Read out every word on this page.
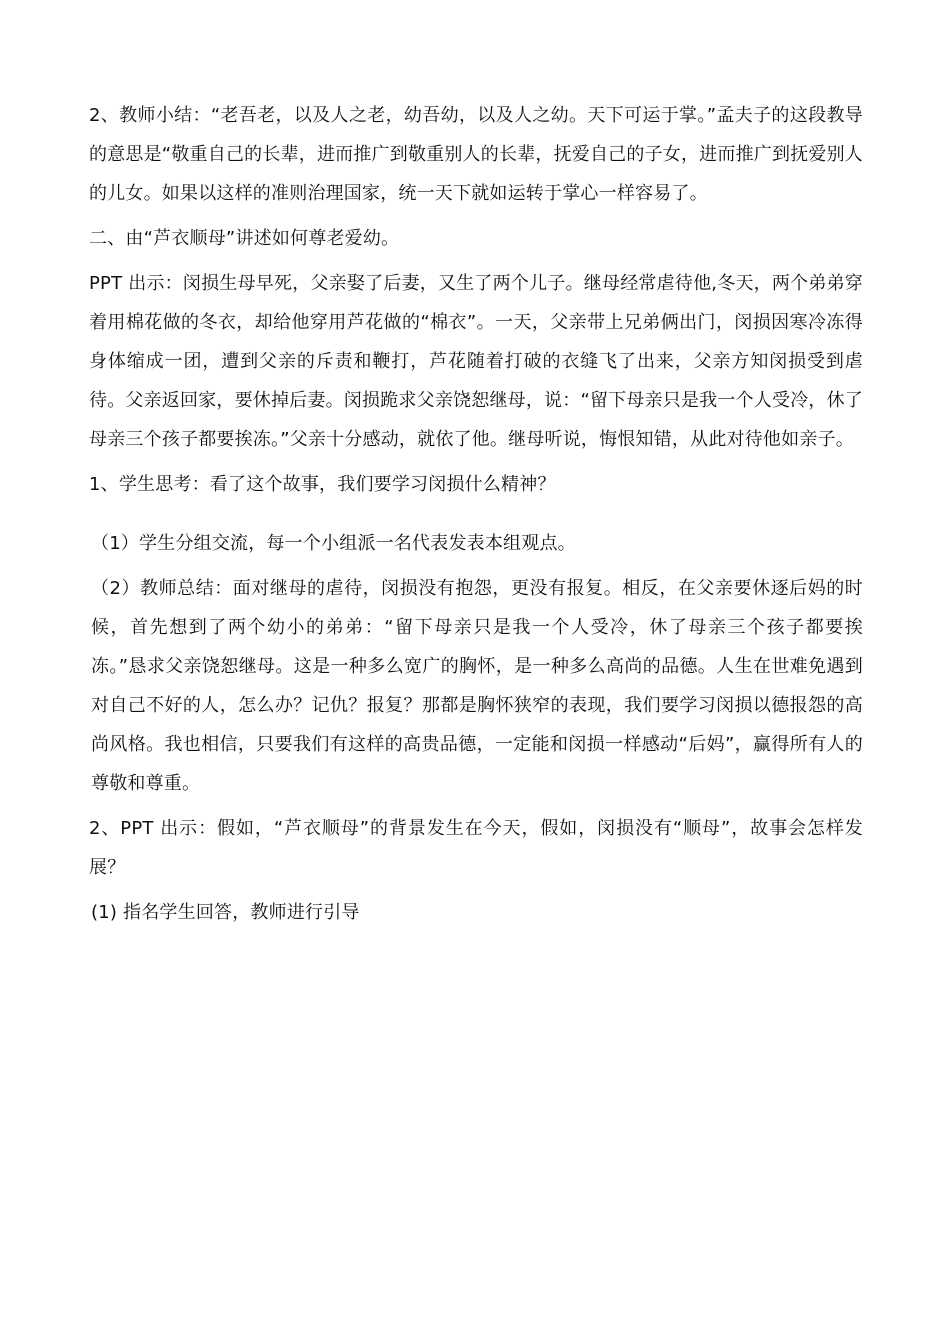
2、教师小结：“老吾老，以及人之老，幼吾幼，以及人之幼。天下可运于掌。”孟夫子的这段教导的意思是“敬重自己的长辈，进而推广到敬重别人的长辈，抚爱自己的子女，进而推广到抚爱别人的儿女。如果以这样的准则治理国家，统一天下就如运转于掌心一样容易了。

二、由“芦衣顺母”讲述如何尊老爱幼。

PPT 出示：闵损生母早死，父亲娶了后妻，又生了两个儿子。继母经常虐待他,冬天，两个弟弟穿着用棉花做的冬衣，却给他穿用芦花做的“棉衣”。一天，父亲带上兄弟俩出门，闵损因寒冷冻得身体缩成一团，遭到父亲的斥责和鞭打，芦花随着打破的衣缝飞了出来，父亲方知闵损受到虐待。父亲返回家，要休掉后妻。闵损跪求父亲饶恕继母，说：“留下母亲只是我一个人受冷，休了母亲三个孩子都要挨冻。”父亲十分感动，就依了他。继母听说，悔恨知错，从此对待他如亲子。

1、学生思考：看了这个故事，我们要学习闵损什么精神？

（1）学生分组交流，每一个小组派一名代表发表本组观点。

（2）教师总结：面对继母的虐待，闵损没有抱怨，更没有报复。相反，在父亲要休逐后妈的时候，首先想到了两个幼小的弟弟：“留下母亲只是我一个人受冷，休了母亲三个孩子都要挨冻。”恳求父亲饶恕继母。这是一种多么宽广的胸怀，是一种多么高尚的品德。人生在世难免遇到对自己不好的人，怎么办？记仇？报复？那都是胸怀狭窄的表现，我们要学习闵损以德报怨的高尚风格。我也相信，只要我们有这样的高贵品德，一定能和闵损一样感动“后妈”，赢得所有人的尊敬和尊重。

2、PPT 出示：假如，“芦衣顺母”的背景发生在今天，假如，闵损没有“顺母”，故事会怎样发展？

(1) 指名学生回答，教师进行引导
